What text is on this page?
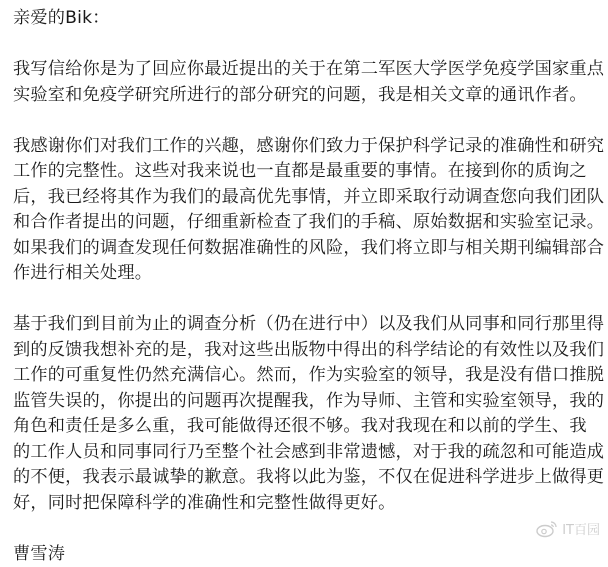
亲爱的Bik：
我写信给你是为了回应你最近提出的关于在第二军医大学医学免疫学国家重点
实验室和免疫学研究所进行的部分研究的问题，我是相关文章的通讯作者。
我感谢你们对我们工作的兴趣，感谢你们致力于保护科学记录的准确性和研究
工作的完整性。这些对我来说也一直都是最重要的事情。在接到你的质询之
后，我已经将其作为我们的最高优先事情，并立即采取行动调查您向我们团队
和合作者提出的问题，仔细重新检查了我们的手稿、原始数据和实验室记录。
如果我们的调查发现任何数据准确性的风险，我们将立即与相关期刊编辑部合
作进行相关处理。
基于我们到目前为止的调查分析（仍在进行中）以及我们从同事和同行那里得
到的反馈我想补充的是，我对这些出版物中得出的科学结论的有效性以及我们
工作的可重复性仍然充满信心。然而，作为实验室的领导，我是没有借口推脱
监管失误的，你提出的问题再次提醒我，作为导师、主管和实验室领导，我的
角色和责任是多么重，我可能做得还很不够。我对我现在和以前的学生、我
的工作人员和同事同行乃至整个社会感到非常遗憾，对于我的疏忽和可能造成
的不便，我表示最诚挚的歉意。我将以此为鉴，不仅在促进科学进步上做得更
好，同时把保障科学的准确性和完整性做得更好。
曹雪涛
IT百园
